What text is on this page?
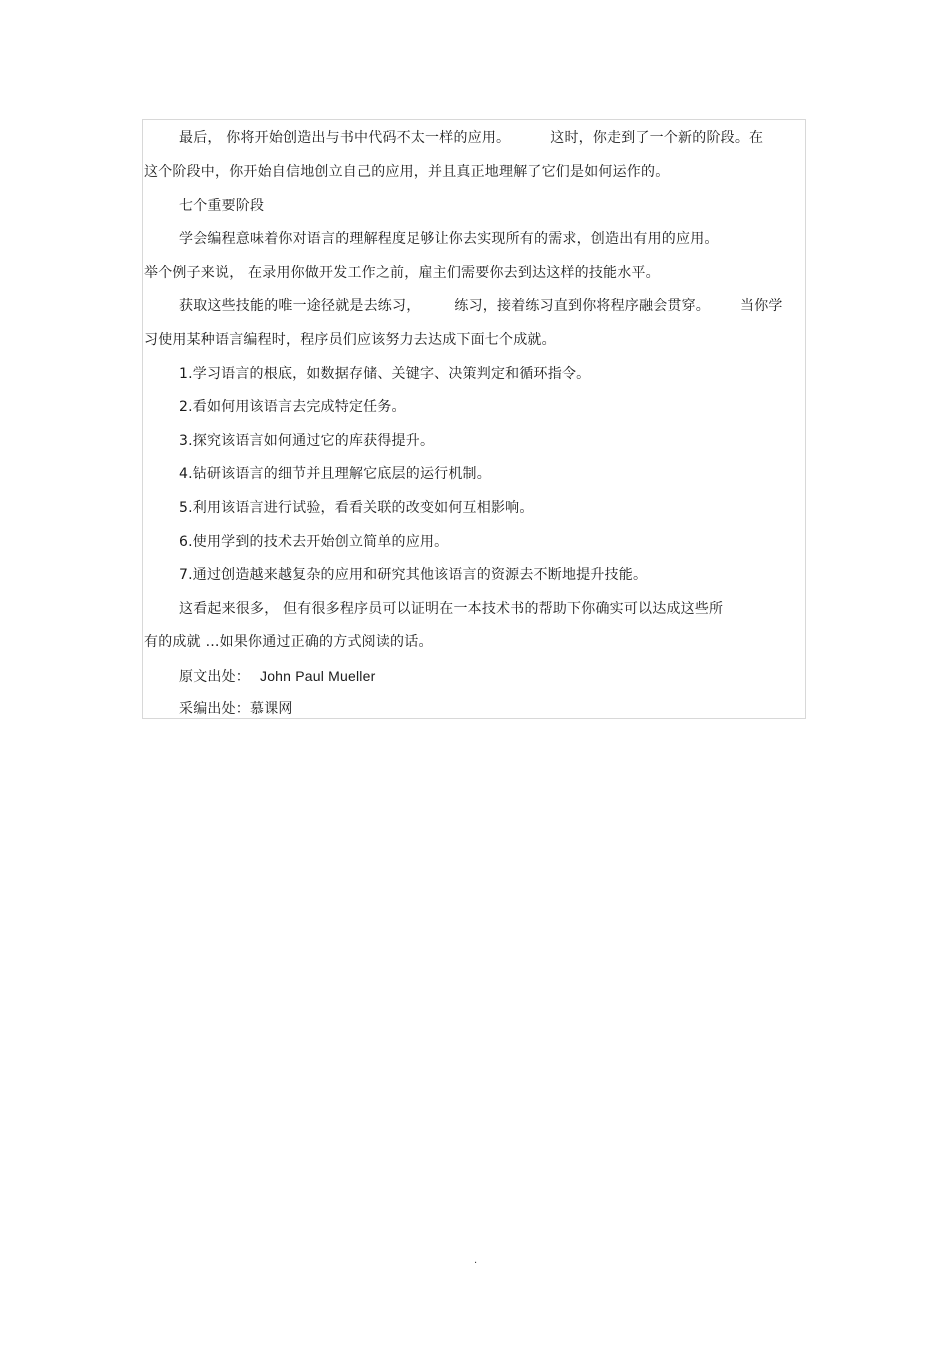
最后， 你将开始创造出与书中代码不太一样的应用。	这时，你走到了一个新的阶段。在
这个阶段中，你开始自信地创立自己的应用，并且真正地理解了它们是如何运作的。
七个重要阶段
学会编程意味着你对语言的理解程度足够让你去实现所有的需求，创造出有用的应用。
举个例子来说， 在录用你做开发工作之前，雇主们需要你去到达这样的技能水平。
获取这些技能的唯一途径就是去练习， 练习，接着练习直到你将程序融会贯穿。 当你学
习使用某种语言编程时，程序员们应该努力去达成下面七个成就。
1.学习语言的根底，如数据存储、关键字、决策判定和循环指令。
2.看如何用该语言去完成特定任务。
3.探究该语言如何通过它的库获得提升。
4.钻研该语言的细节并且理解它底层的运行机制。
5.利用该语言进行试验，看看关联的改变如何互相影响。
6.使用学到的技术去开始创立简单的应用。
7.通过创造越来越复杂的应用和研究其他该语言的资源去不断地提升技能。
这看起来很多， 但有很多程序员可以证明在一本技术书的帮助下你确实可以达成这些所
有的成就 …如果你通过正确的方式阅读的话。
原文出处： John Paul Mueller
采编出处：慕课网
.
